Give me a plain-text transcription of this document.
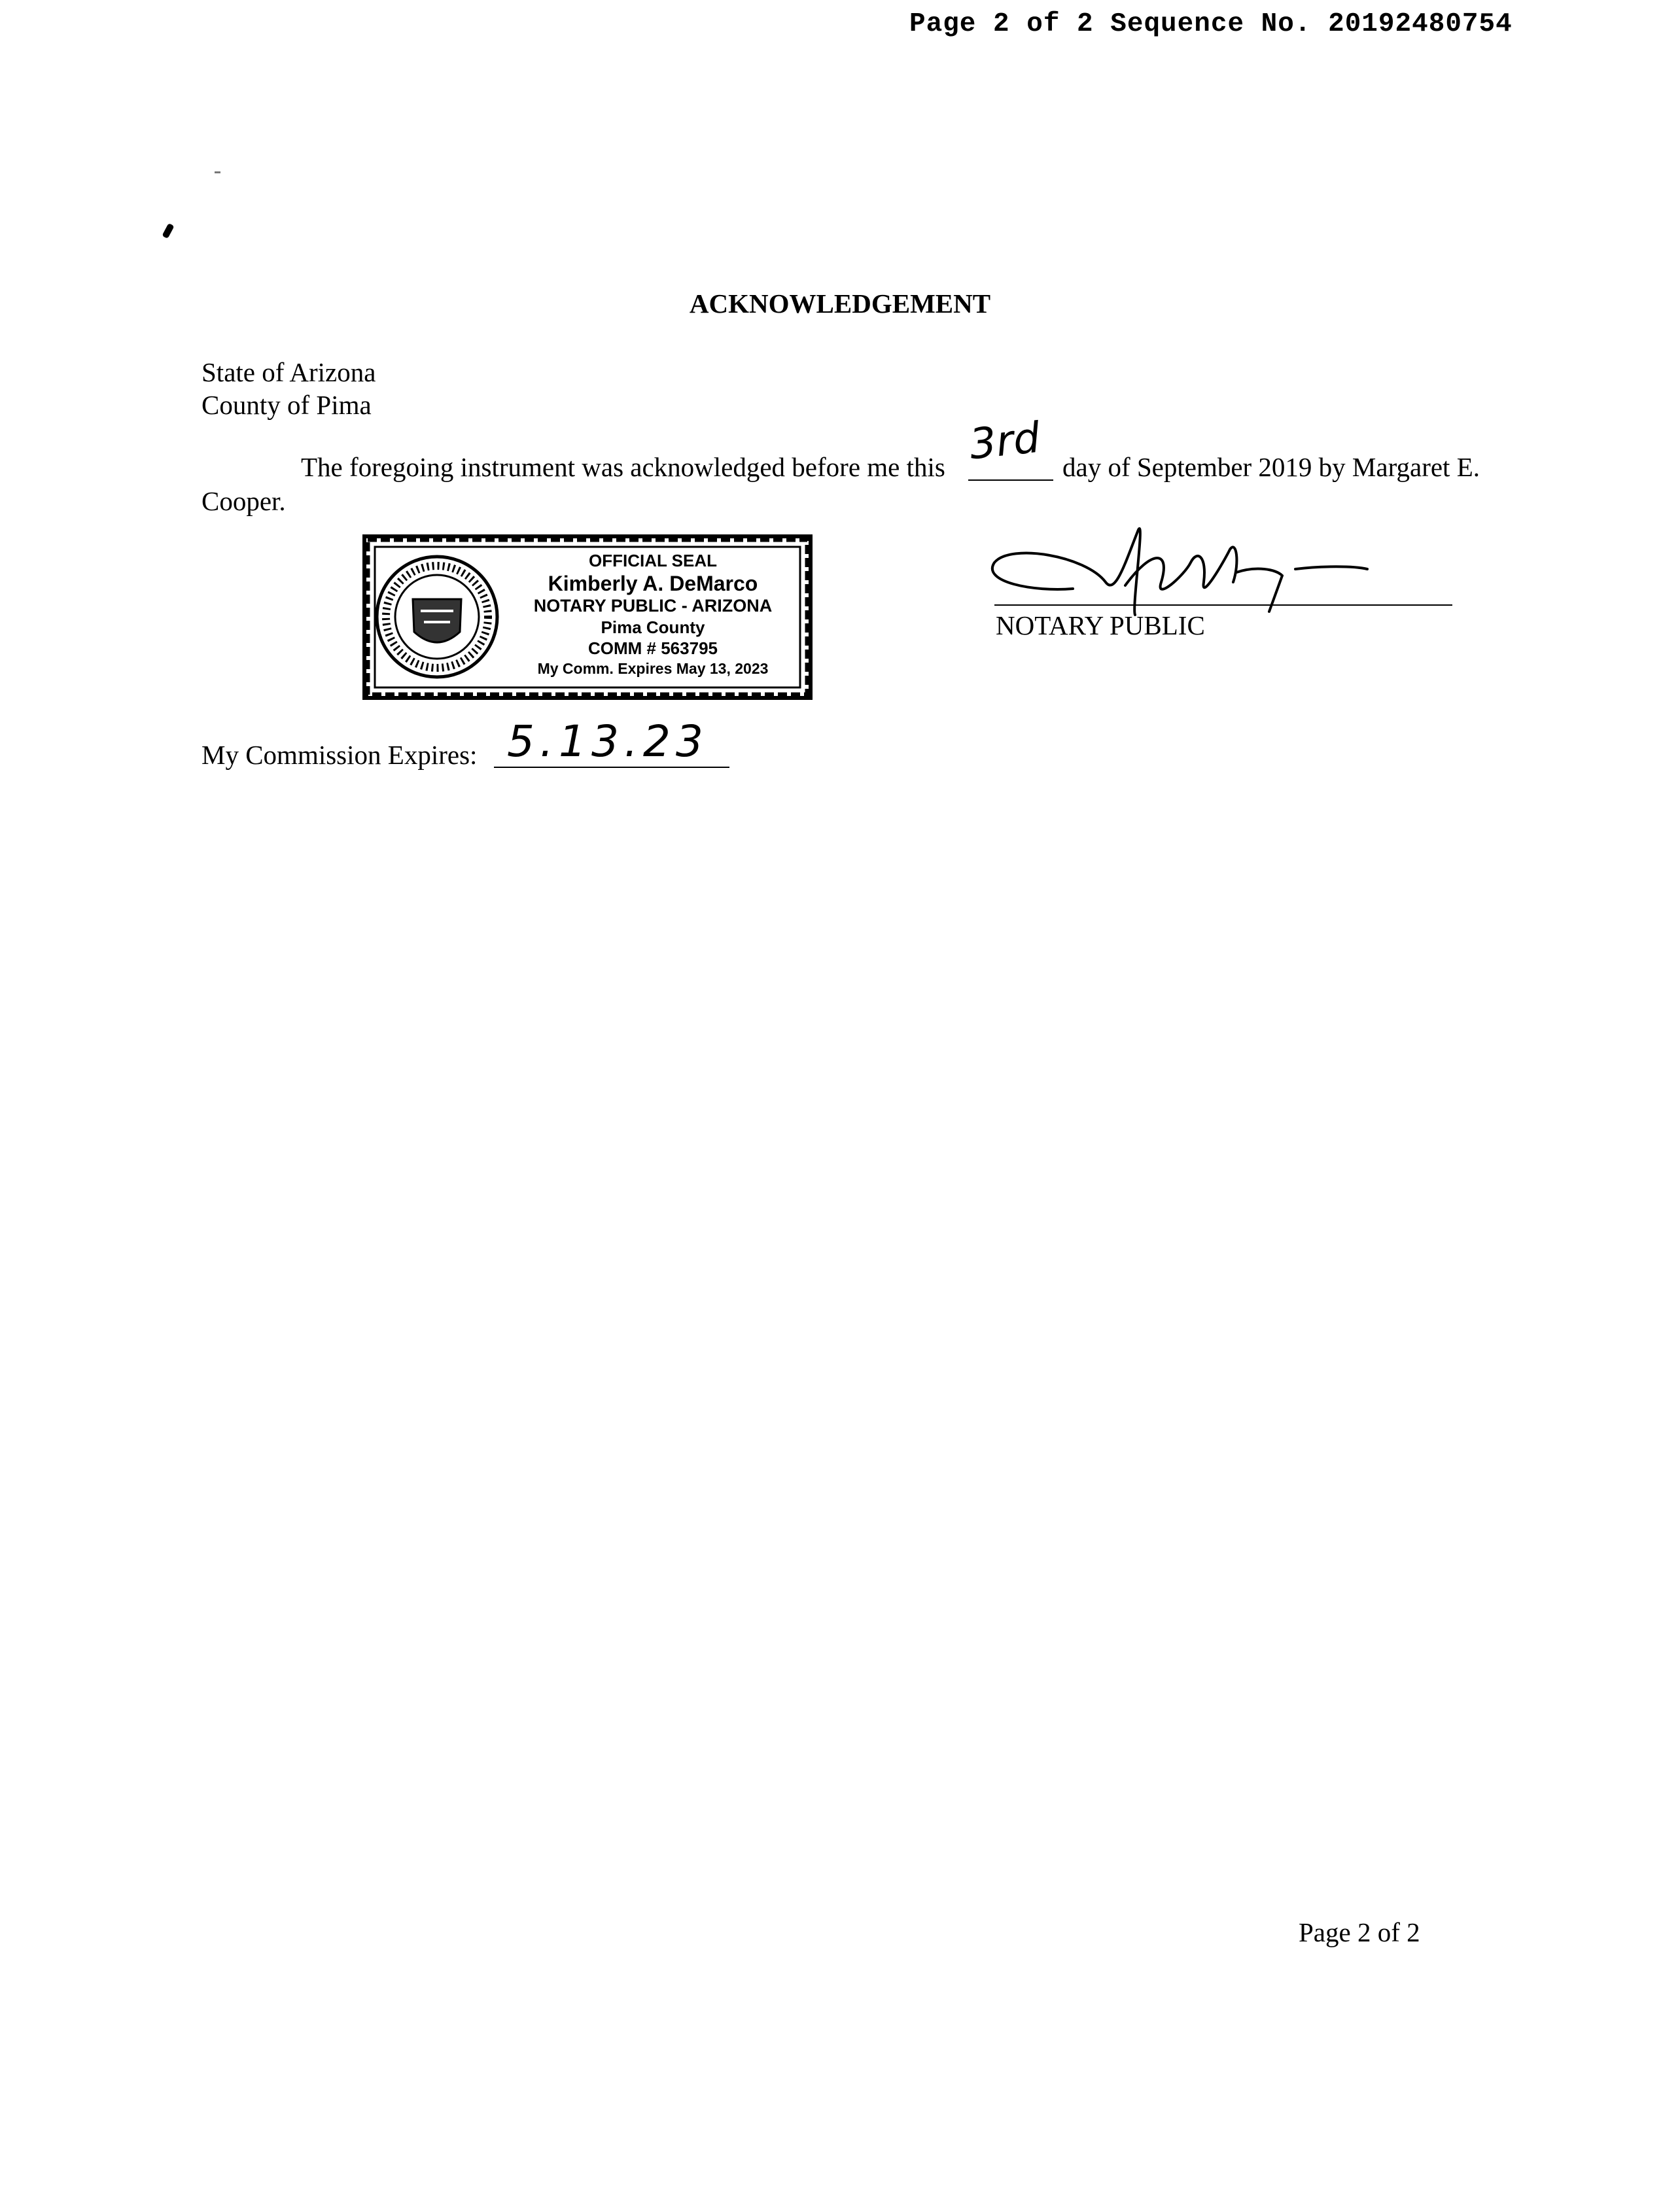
Page 2 of 2 Sequence No. 20192480754
ACKNOWLEDGEMENT
State of Arizona
County of Pima
The foregoing instrument was acknowledged before me this 3rd day of September 2019 by Margaret E.
Cooper.
OFFICIAL SEAL
Kimberly A. DeMarco
NOTARY PUBLIC - ARIZONA
Pima County
COMM # 563795
My Comm. Expires May 13, 2023
NOTARY PUBLIC
My Commission Expires: 5.13.23
Page 2 of 2
